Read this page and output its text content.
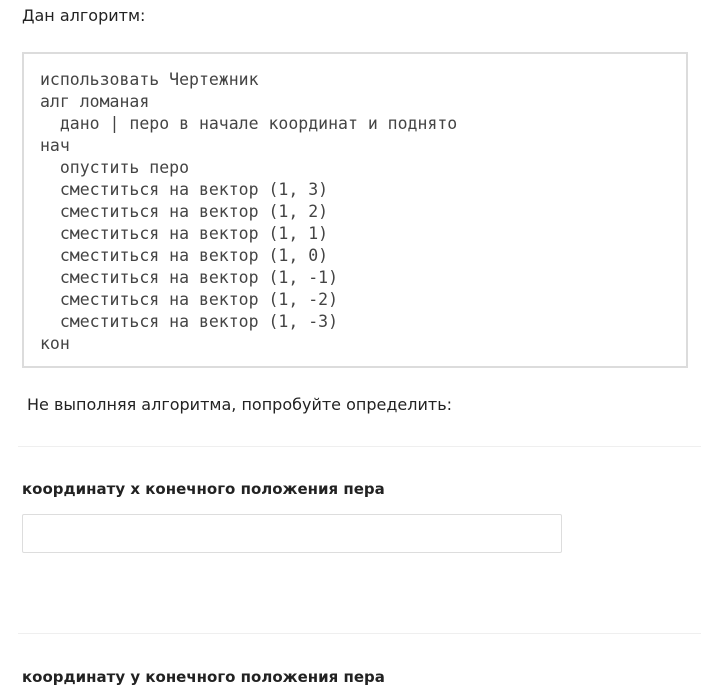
Дан алгоритм:
использовать Чертежник
алг ломаная
дано | перо в начале координат и поднято
нач
опустить перо
сместиться на вектор (1, 3)
сместиться на вектор (1, 2)
сместиться на вектор (1, 1)
сместиться на вектор (1, 0)
сместиться на вектор (1, -1)
сместиться на вектор (1, -2)
сместиться на вектор (1, -3)
кон
Не выполняя алгоритма, попробуйте определить:
координату x конечного положения пера
координату y конечного положения пера
